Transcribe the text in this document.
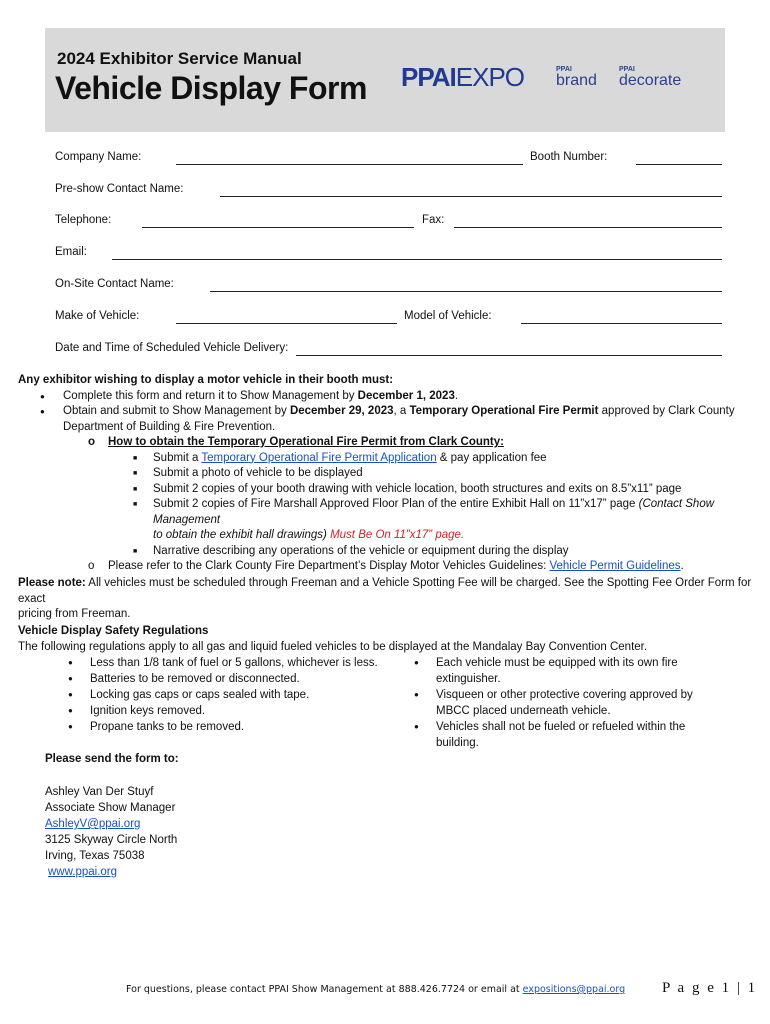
2024 Exhibitor Service Manual
Vehicle Display Form PPAIEXPO	PPAI
brand
PPAI
decorate
Company Name:	Booth Number:
Pre-show Contact Name:
Telephone:	Fax:
Email:
On-Site Contact Name:
Make of Vehicle:	Model of Vehicle:
Date and Time of Scheduled Vehicle Delivery:
Any exhibitor wishing to display a motor vehicle in their booth must:
● Complete this form and return it to Show Management by December 1, 2023.
● Obtain and submit to Show Management by December 29, 2023, a Temporary Operational Fire Permit approved by Clark County
Department of Building & Fire Prevention.
o How to obtain the Temporary Operational Fire Permit from Clark County:
■ Submit a Temporary Operational Fire Permit Application & pay application fee
■ Submit a photo of vehicle to be displayed
■ Submit 2 copies of your booth drawing with vehicle location, booth structures and exits on 8.5”x11” page
■ Submit 2 copies of Fire Marshall Approved Floor Plan of the entire Exhibit Hall on 11”x17” page (Contact Show Management
to obtain the exhibit hall drawings) Must Be On 11”x17” page.
■ Narrative describing any operations of the vehicle or equipment during the display
o Please refer to the Clark County Fire Department’s Display Motor Vehicles Guidelines: Vehicle Permit Guidelines.
Please note: All vehicles must be scheduled through Freeman and a Vehicle Spotting Fee will be charged. See the Spotting Fee Order Form for exact
pricing from Freeman.
Vehicle Display Safety Regulations
The following regulations apply to all gas and liquid fueled vehicles to be displayed at the Mandalay Bay Convention Center.
● Less than 1/8 tank of fuel or 5 gallons, whichever is less.
● Batteries to be removed or disconnected.
● Locking gas caps or caps sealed with tape.
● Ignition keys removed.
● Propane tanks to be removed.
● Each vehicle must be equipped with its own fire extinguisher.
● Visqueen or other protective covering approved by MBCC placed underneath vehicle.
● Vehicles shall not be fueled or refueled within the building.
Please send the form to:
Ashley Van Der Stuyf
Associate Show Manager
AshleyV@ppai.org
3125 Skyway Circle North
Irving, Texas 75038
www.ppai.org
For questions, please contact PPAI Show Management at 888.426.7724 or email at expositions@ppai.org P a g e 1 | 1
